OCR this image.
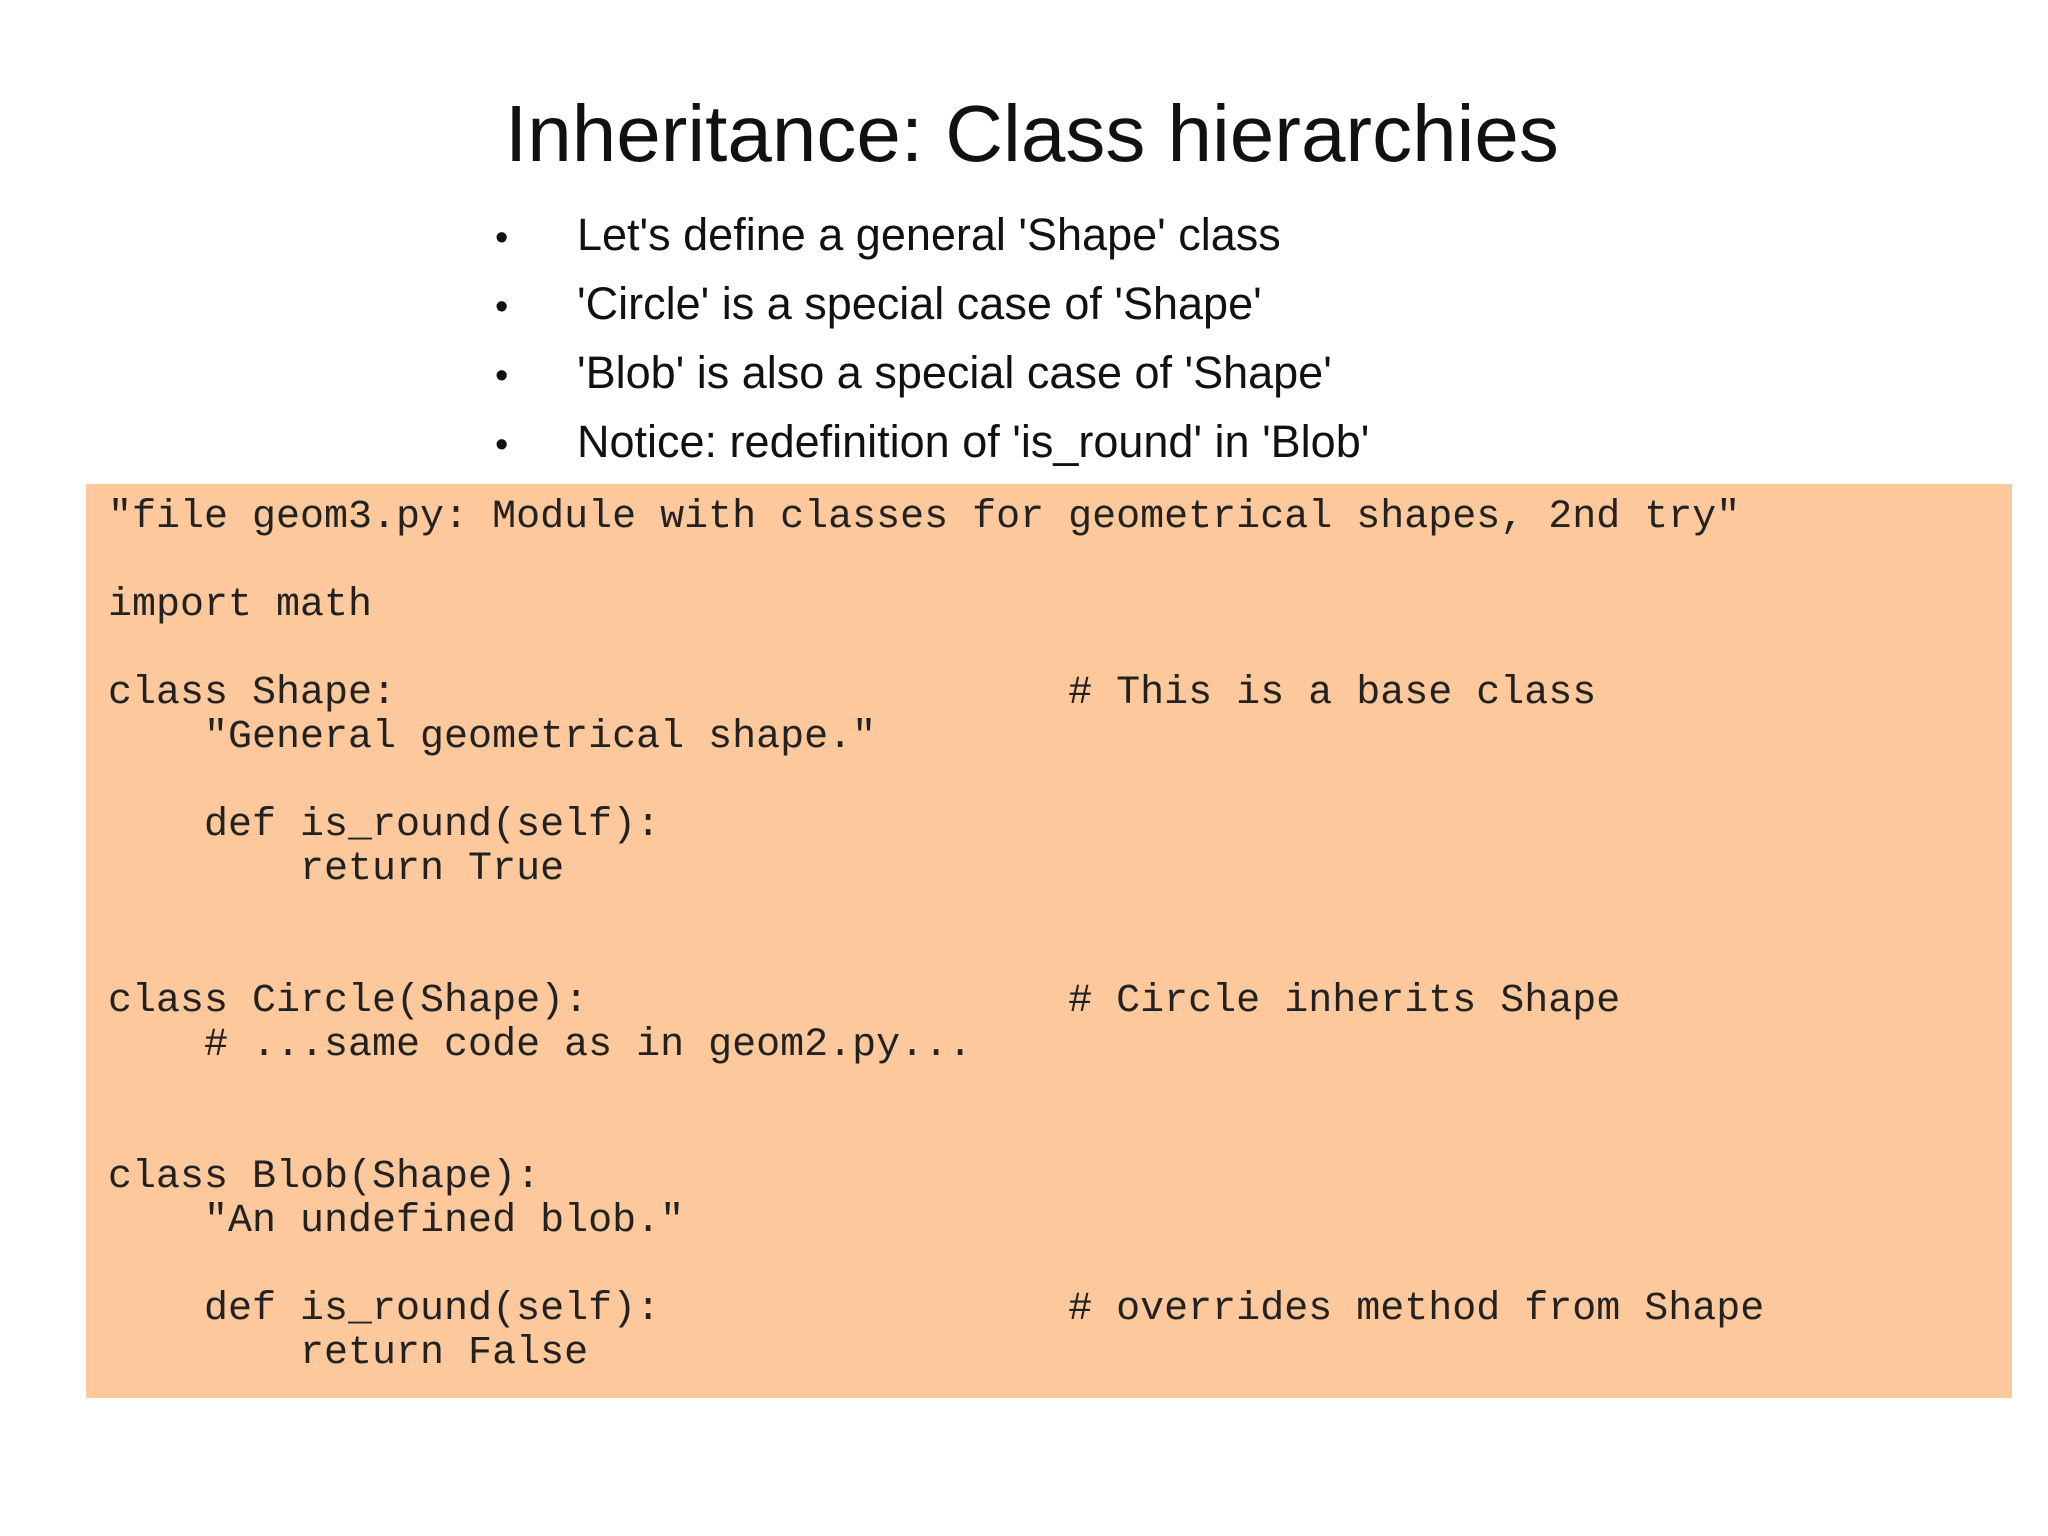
Inheritance: Class hierarchies
•	Let's define a general 'Shape' class
•	'Circle' is a special case of 'Shape'
•	'Blob' is also a special case of 'Shape'
•	Notice: redefinition of 'is_round' in 'Blob'
"file geom3.py: Module with classes for geometrical shapes, 2nd try"
import math
class Shape:                            # This is a base class
"General geometrical shape."
def is_round(self):
return True
class Circle(Shape):                    # Circle inherits Shape
# ...same code as in geom2.py...
class Blob(Shape):
"An undefined blob."
def is_round(self):                 # overrides method from Shape
return False
